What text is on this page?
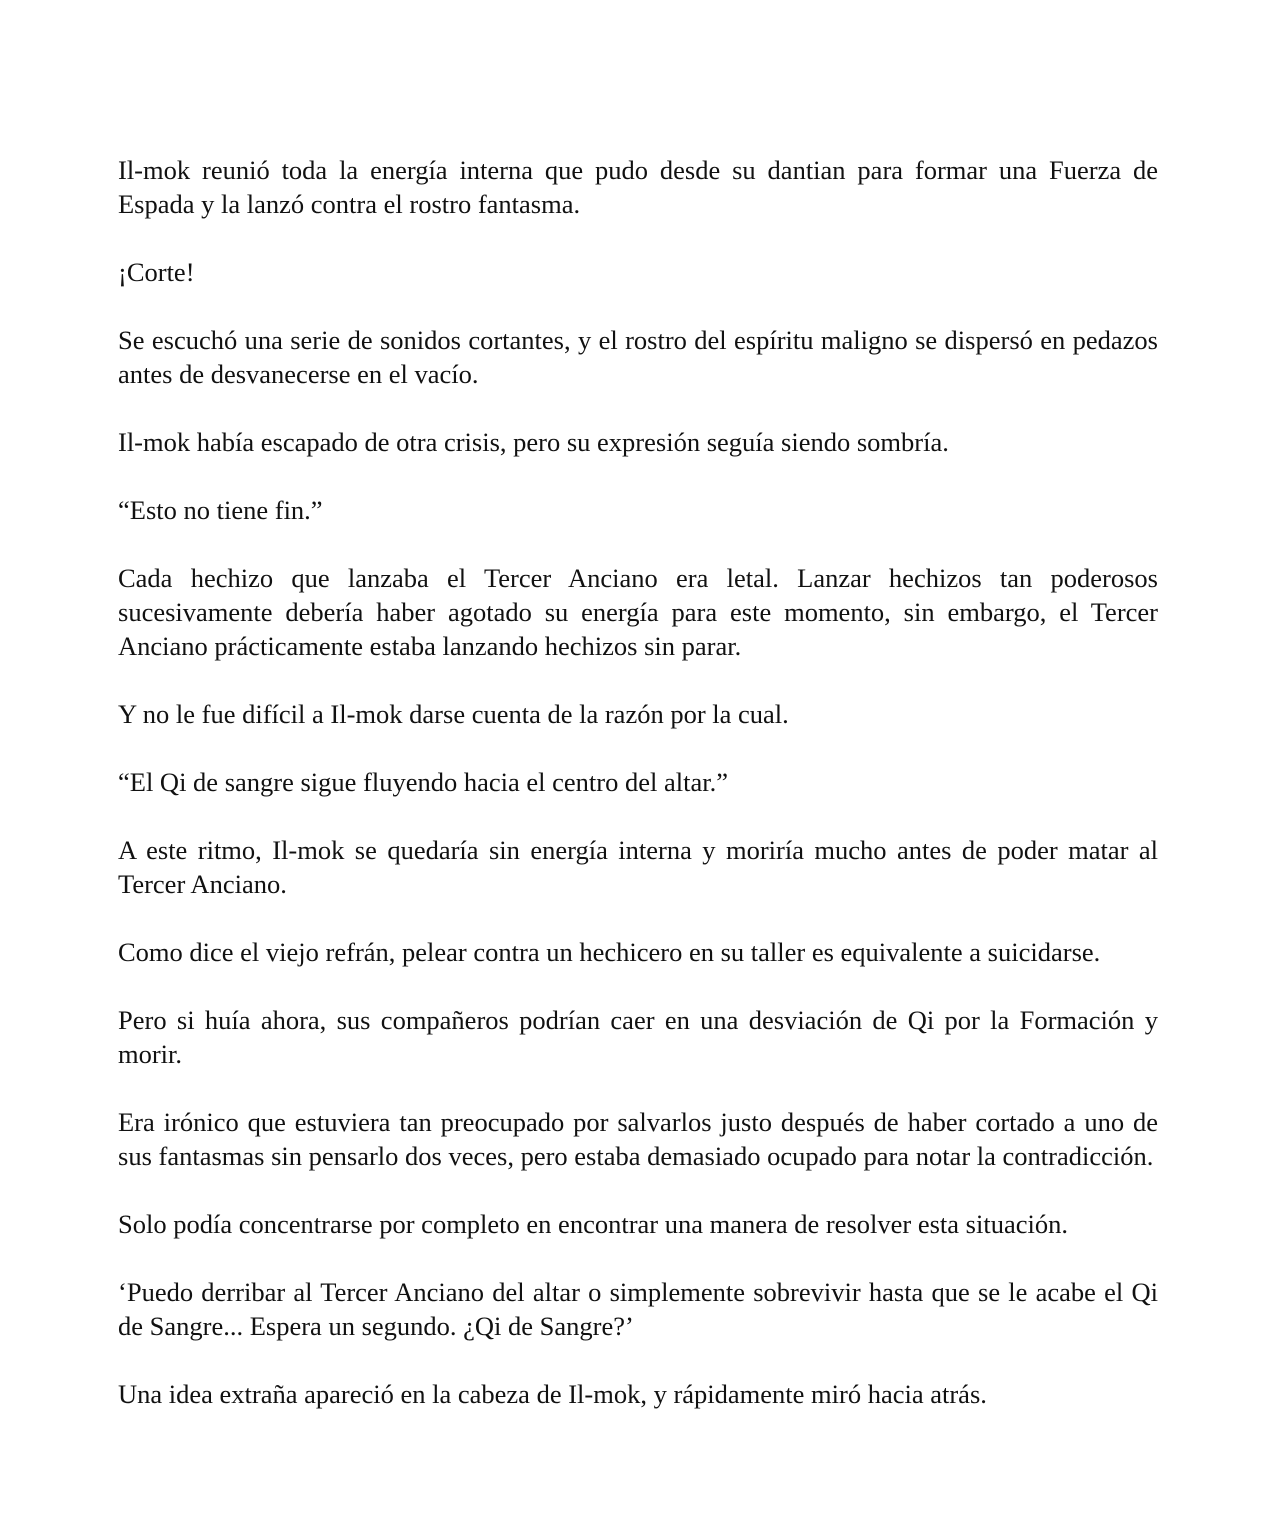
Il-mok reunió toda la energía interna que pudo desde su dantian para formar una Fuerza de Espada y la lanzó contra el rostro fantasma.

¡Corte!

Se escuchó una serie de sonidos cortantes, y el rostro del espíritu maligno se dispersó en pedazos antes de desvanecerse en el vacío.

Il-mok había escapado de otra crisis, pero su expresión seguía siendo sombría.

“Esto no tiene fin.”

Cada hechizo que lanzaba el Tercer Anciano era letal. Lanzar hechizos tan poderosos sucesivamente debería haber agotado su energía para este momento, sin embargo, el Tercer Anciano prácticamente estaba lanzando hechizos sin parar.

Y no le fue difícil a Il-mok darse cuenta de la razón por la cual.

“El Qi de sangre sigue fluyendo hacia el centro del altar.”

A este ritmo, Il-mok se quedaría sin energía interna y moriría mucho antes de poder matar al Tercer Anciano.

Como dice el viejo refrán, pelear contra un hechicero en su taller es equivalente a suicidarse.

Pero si huía ahora, sus compañeros podrían caer en una desviación de Qi por la Formación y morir.

Era irónico que estuviera tan preocupado por salvarlos justo después de haber cortado a uno de sus fantasmas sin pensarlo dos veces, pero estaba demasiado ocupado para notar la contradicción.

Solo podía concentrarse por completo en encontrar una manera de resolver esta situación.

‘Puedo derribar al Tercer Anciano del altar o simplemente sobrevivir hasta que se le acabe el Qi de Sangre... Espera un segundo. ¿Qi de Sangre?’

Una idea extraña apareció en la cabeza de Il-mok, y rápidamente miró hacia atrás.
